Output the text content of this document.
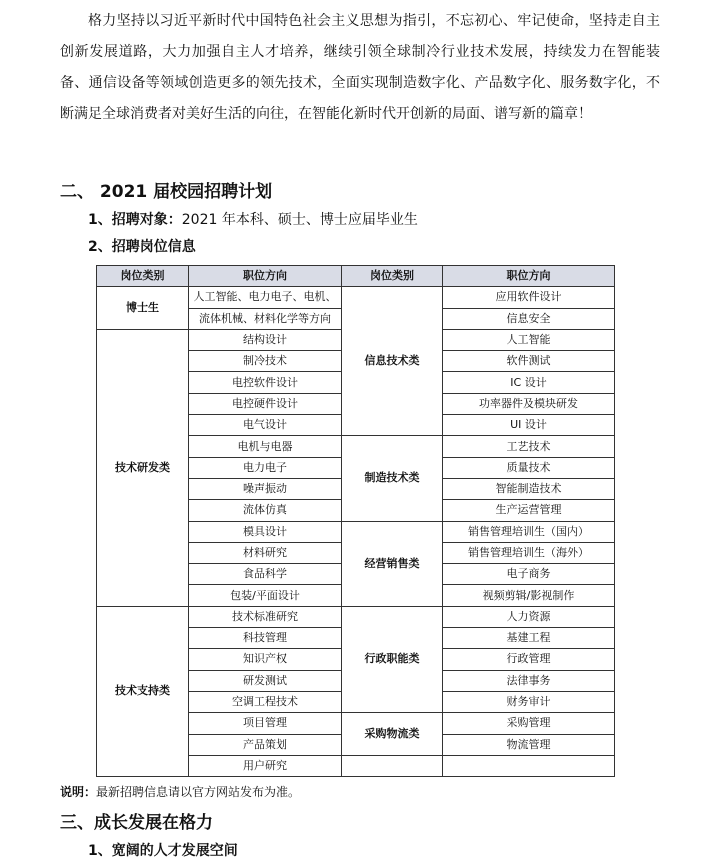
格力坚持以习近平新时代中国特色社会主义思想为指引，不忘初心、牢记使命，坚持走自主创新发展道路，大力加强自主人才培养，继续引领全球制冷行业技术发展，持续发力在智能装备、通信设备等领域创造更多的领先技术，全面实现制造数字化、产品数字化、服务数字化，不断满足全球消费者对美好生活的向往，在智能化新时代开创新的局面、谱写新的篇章！

二、 2021 届校园招聘计划
1、招聘对象：2021 年本科、硕士、博士应届毕业生
2、招聘岗位信息
岗位类别	职位方向	岗位类别	职位方向
博士生	人工智能、电力电子、电机、	信息技术类	应用软件设计
	流体机械、材料化学等方向		信息安全
技术研发类	结构设计		人工智能
	制冷技术		软件测试
	电控软件设计		IC 设计
	电控硬件设计		功率器件及模块研发
	电气设计		UI 设计
	电机与电器	制造技术类	工艺技术
	电力电子		质量技术
	噪声振动		智能制造技术
	流体仿真		生产运营管理
	模具设计	经营销售类	销售管理培训生（国内）
	材料研究		销售管理培训生（海外）
	食品科学		电子商务
	包装/平面设计		视频剪辑/影视制作
技术支持类	技术标准研究	行政职能类	人力资源
	科技管理		基建工程
	知识产权		行政管理
	研发测试		法律事务
	空调工程技术		财务审计
	项目管理	采购物流类	采购管理
	产品策划		物流管理
	用户研究		
说明：最新招聘信息请以官方网站发布为准。
三、成长发展在格力
1、宽阔的人才发展空间
